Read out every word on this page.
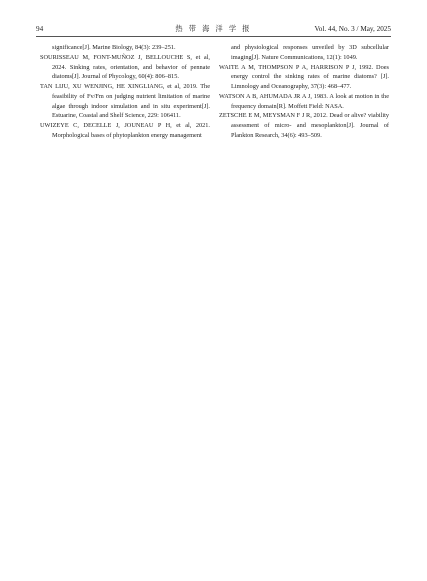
94	热 带 海 洋 学 报	Vol. 44, No. 3 / May, 2025

significance[J]. Marine Biology, 84(3): 239–251.

SOURISSEAU M, FONT-MUÑOZ J, BELLOUCHE S, et al, 2024. Sinking rates, orientation, and behavior of pennate diatoms[J]. Journal of Phycology, 60(4): 806–815.

TAN LIJU, XU WENJING, HE XINGLIANG, et al, 2019. The feasibility of Fv/Fm on judging nutrient limitation of marine algae through indoor simulation and in situ experiment[J]. Estuarine, Coastal and Shelf Science, 229: 106411.

UWIZEYE C, DECELLE J, JOUNEAU P H, et al, 2021. Morphological bases of phytoplankton energy management

and physiological responses unveiled by 3D subcellular imaging[J]. Nature Communications, 12(1): 1049.

WAITE A M, THOMPSON P A, HARRISON P J, 1992. Does energy control the sinking rates of marine diatoms? [J]. Limnology and Oceanography, 37(3): 468–477.

WATSON A B, AHUMADA JR A J, 1983. A look at motion in the frequency domain[R]. Moffett Field: NASA.

ZETSCHE E M, MEYSMAN F J R, 2012. Dead or alive? viability assessment of micro- and mesoplankton[J]. Journal of Plankton Research, 34(6): 493–509.
